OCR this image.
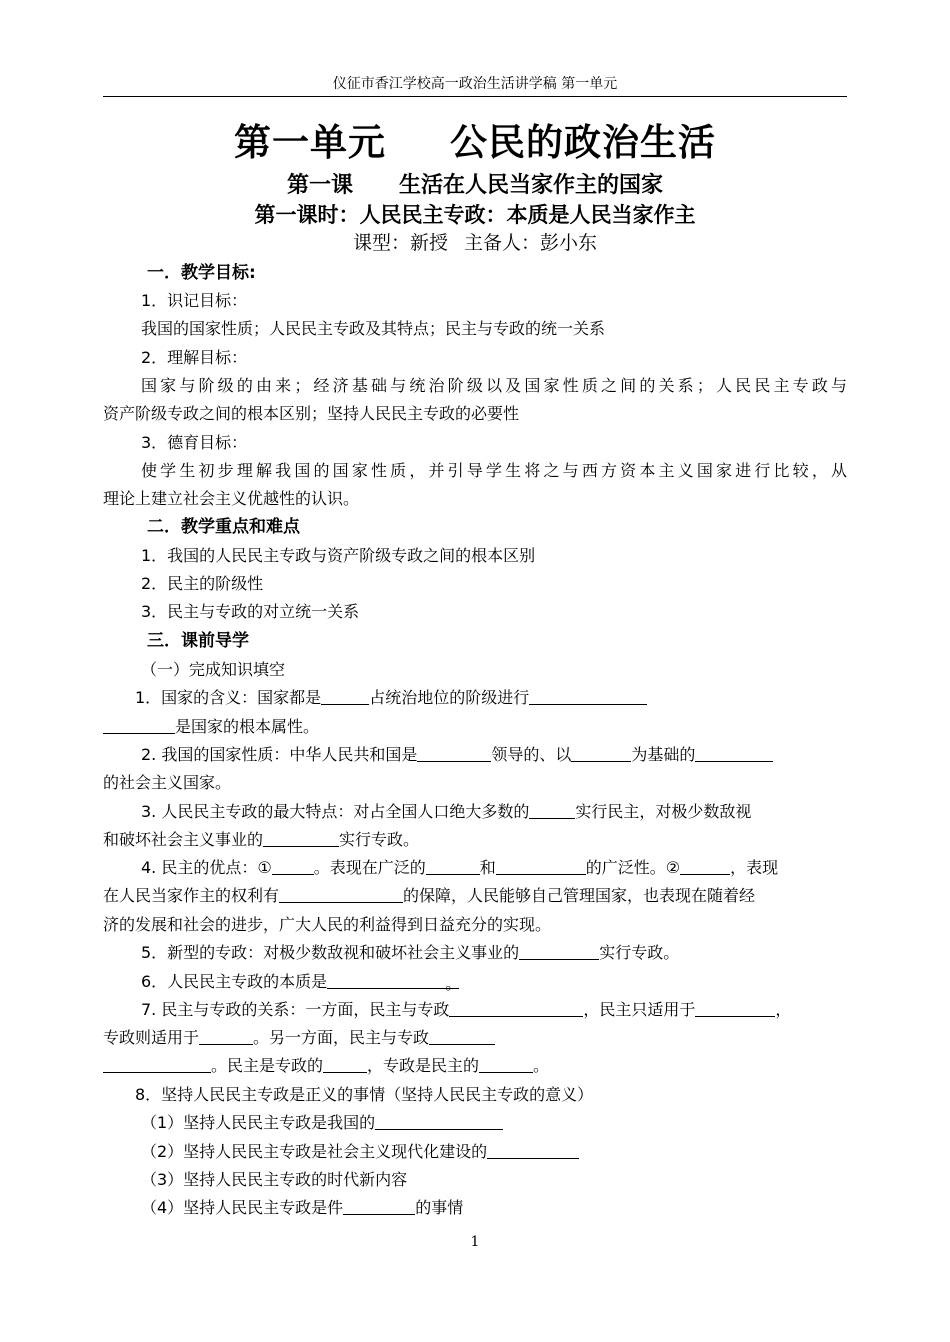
仪征市香江学校高一政治生活讲学稿 第一单元
第一单元 公民的政治生活
第一课 生活在人民当家作主的国家
第一课时：人民民主专政：本质是人民当家作主
课型：新授 主备人：彭小东
一．教学目标:
1．识记目标：
我国的国家性质；人民民主专政及其特点；民主与专政的统一关系
2．理解目标：
国家与阶级的由来；经济基础与统治阶级以及国家性质之间的关系；人民民主专政与
资产阶级专政之间的根本区别；坚持人民民主专政的必要性
3．德育目标：
使学生初步理解我国的国家性质，并引导学生将之与西方资本主义国家进行比较，从
理论上建立社会主义优越性的认识。
二．教学重点和难点
1．我国的人民民主专政与资产阶级专政之间的根本区别
2．民主的阶级性
3．民主与专政的对立统一关系
三．课前导学
（一）完成知识填空
1．国家的含义：国家都是	占统治地位的阶级进行
是国家的根本属性。
2. 我国的国家性质：中华人民共和国是	领导的、以	为基础的
的社会主义国家。
3. 人民民主专政的最大特点：对占全国人口绝大多数的	实行民主，对极少数敌视
和破坏社会主义事业的	实行专政。
4. 民主的优点：①	。表现在广泛的	和	的广泛性。②	，表现
在人民当家作主的权利有	的保障，人民能够自己管理国家，也表现在随着经
济的发展和社会的进步，广大人民的利益得到日益充分的实现。
5．新型的专政：对极少数敌视和破坏社会主义事业的	实行专政。
6．人民民主专政的本质是	。
7. 民主与专政的关系：一方面，民主与专政	，民主只适用于	，
专政则适用于	。另一方面，民主与专政
。民主是专政的	，专政是民主的	。
8．坚持人民民主专政是正义的事情（坚持人民民主专政的意义）
（1）坚持人民民主专政是我国的
（2）坚持人民民主专政是社会主义现代化建设的
（3）坚持人民民主专政的时代新内容
（4）坚持人民民主专政是件	的事情
1
